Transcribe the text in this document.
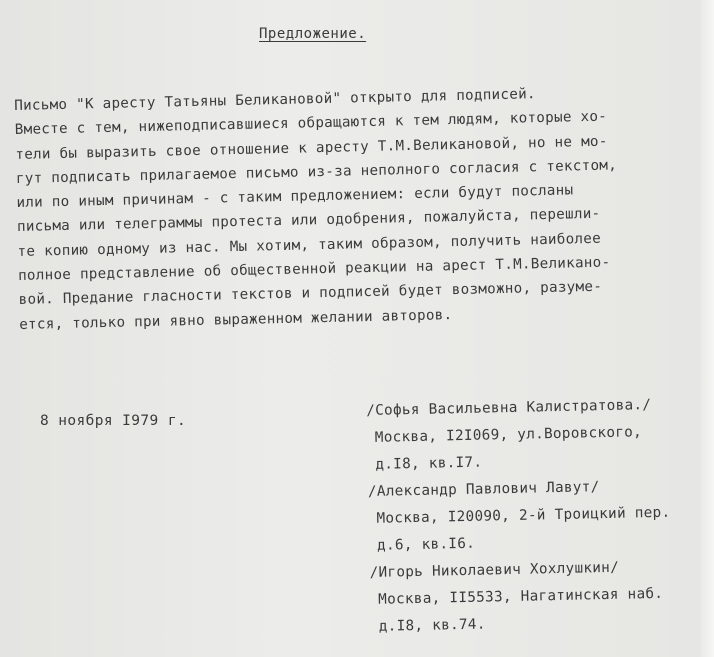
Предложение.
Письмо "К аресту Татьяны Беликановой" открыто для подписей.
Вместе с тем, нижеподписавшиеся обращаются к тем людям, которые хо-
тели бы выразить свое отношение к аресту Т.М.Великановой, но не мо-
гут подписать прилагаемое письмо из-за неполного согласия с текстом,
или по иным причинам - с таким предложением: если будут посланы
письма или телеграммы протеста или одобрения, пожалуйста, перешли-
те копию одному из нас. Мы хотим, таким образом, получить наиболее
полное представление об общественной реакции на арест Т.М.Великано-
вой. Предание гласности текстов и подписей будет возможно, разуме-
ется, только при явно выраженном желании авторов.
8 ноября I979 г.
/Софья Васильевна Калистратова./
Москва, I2I069, ул.Воровского,
д.I8, кв.I7.
/Александр Павлович Лавут/
Москва, I20090, 2-й Троицкий пер.
д.6, кв.I6.
/Игорь Николаевич Хохлушкин/
Москва, II5533, Нагатинская наб.
д.I8, кв.74.
